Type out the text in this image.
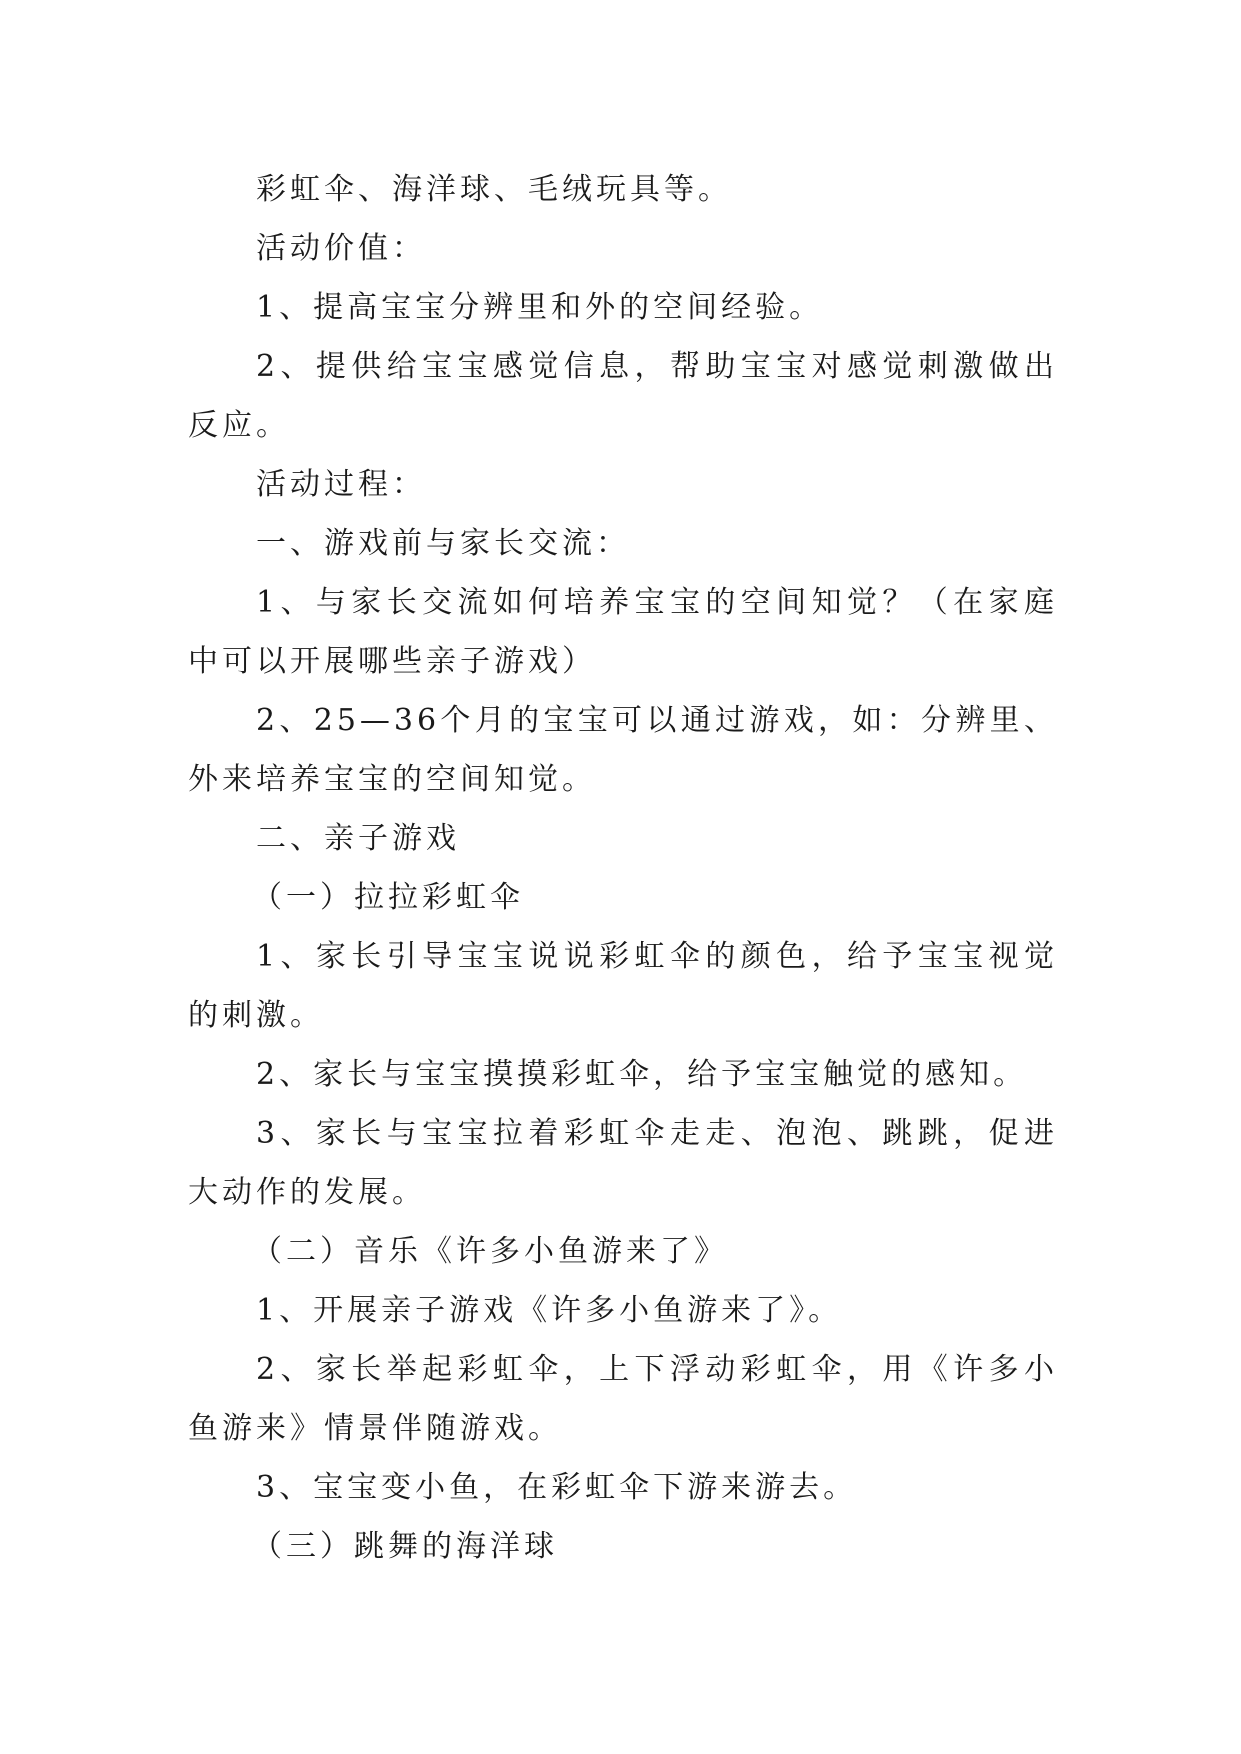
彩虹伞、海洋球、毛绒玩具等。

活动价值：

1、提高宝宝分辨里和外的空间经验。

2、提供给宝宝感觉信息，帮助宝宝对感觉刺激做出反应。

活动过程：

一、游戏前与家长交流：

1、与家长交流如何培养宝宝的空间知觉？（在家庭中可以开展哪些亲子游戏）

2、25—36个月的宝宝可以通过游戏，如：分辨里、外来培养宝宝的空间知觉。

二、亲子游戏

（一）拉拉彩虹伞

1、家长引导宝宝说说彩虹伞的颜色，给予宝宝视觉的刺激。

2、家长与宝宝摸摸彩虹伞，给予宝宝触觉的感知。

3、家长与宝宝拉着彩虹伞走走、泡泡、跳跳，促进大动作的发展。

（二）音乐《许多小鱼游来了》

1、开展亲子游戏《许多小鱼游来了》。

2、家长举起彩虹伞，上下浮动彩虹伞，用《许多小鱼游来》情景伴随游戏。

3、宝宝变小鱼，在彩虹伞下游来游去。

（三）跳舞的海洋球
